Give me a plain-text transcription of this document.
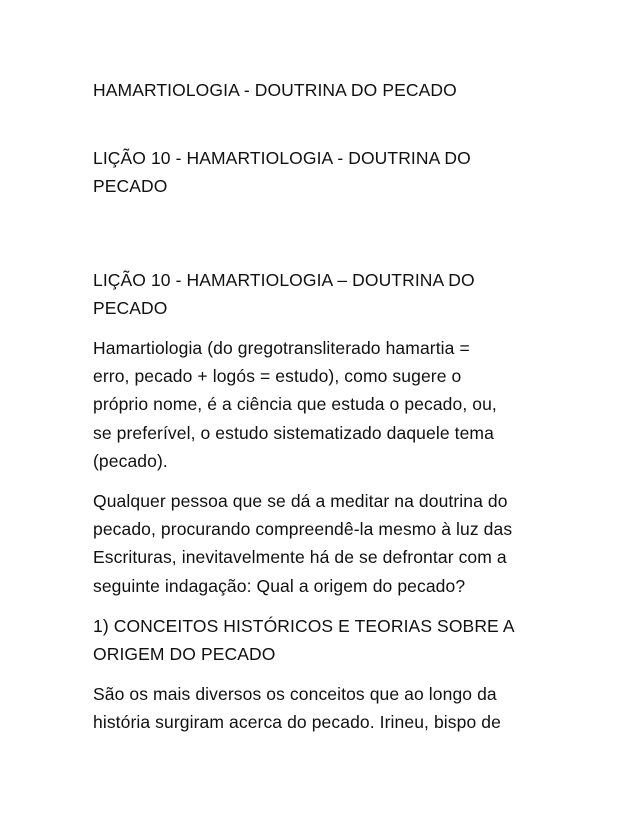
HAMARTIOLOGIA - DOUTRINA DO PECADO
LIÇÃO 10 - HAMARTIOLOGIA - DOUTRINA DO
PECADO
LIÇÃO 10 - HAMARTIOLOGIA – DOUTRINA DO
PECADO
Hamartiologia (do gregotransliterado hamartia =
erro, pecado + logós = estudo), como sugere o
próprio nome, é a ciência que estuda o pecado, ou,
se preferível, o estudo sistematizado daquele tema
(pecado).
Qualquer pessoa que se dá a meditar na doutrina do
pecado, procurando compreendê-la mesmo à luz das
Escrituras, inevitavelmente há de se defrontar com a
seguinte indagação: Qual a origem do pecado?
1) CONCEITOS HISTÓRICOS E TEORIAS SOBRE A
ORIGEM DO PECADO
São os mais diversos os conceitos que ao longo da
história surgiram acerca do pecado. Irineu, bispo de
